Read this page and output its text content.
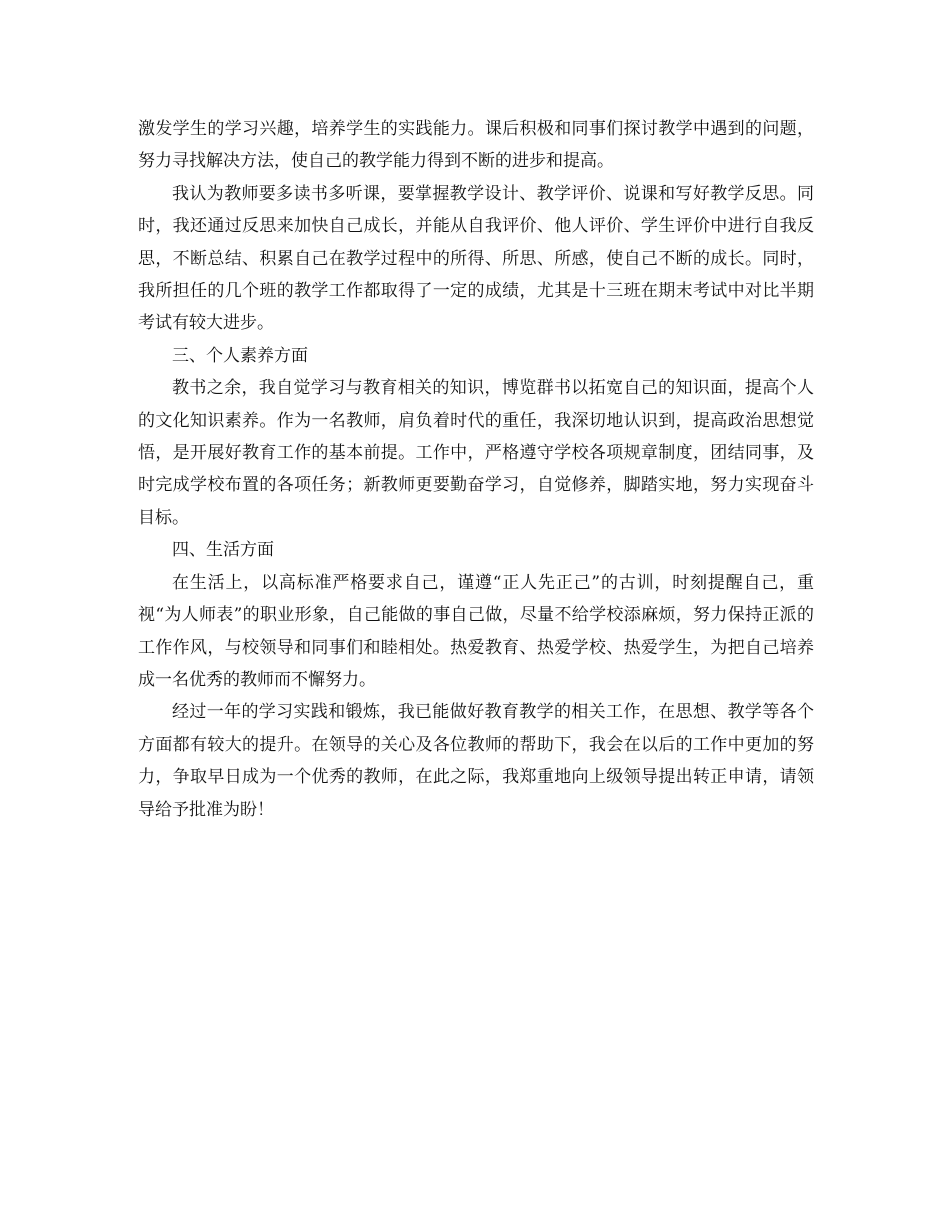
激发学生的学习兴趣，培养学生的实践能力。课后积极和同事们探讨教学中遇到的问题，努力寻找解决方法，使自己的教学能力得到不断的进步和提高。

我认为教师要多读书多听课，要掌握教学设计、教学评价、说课和写好教学反思。同时，我还通过反思来加快自己成长，并能从自我评价、他人评价、学生评价中进行自我反思，不断总结、积累自己在教学过程中的所得、所思、所感，使自己不断的成长。同时，我所担任的几个班的教学工作都取得了一定的成绩，尤其是十三班在期末考试中对比半期考试有较大进步。

三、个人素养方面

教书之余，我自觉学习与教育相关的知识，博览群书以拓宽自己的知识面，提高个人的文化知识素养。作为一名教师，肩负着时代的重任，我深切地认识到，提高政治思想觉悟，是开展好教育工作的基本前提。工作中，严格遵守学校各项规章制度，团结同事，及时完成学校布置的各项任务；新教师更要勤奋学习，自觉修养，脚踏实地，努力实现奋斗目标。

四、生活方面

在生活上，以高标准严格要求自己，谨遵“正人先正己”的古训，时刻提醒自己，重视“为人师表”的职业形象，自己能做的事自己做，尽量不给学校添麻烦，努力保持正派的工作作风，与校领导和同事们和睦相处。热爱教育、热爱学校、热爱学生，为把自己培养成一名优秀的教师而不懈努力。

经过一年的学习实践和锻炼，我已能做好教育教学的相关工作，在思想、教学等各个方面都有较大的提升。在领导的关心及各位教师的帮助下，我会在以后的工作中更加的努力，争取早日成为一个优秀的教师，在此之际，我郑重地向上级领导提出转正申请，请领导给予批准为盼！
